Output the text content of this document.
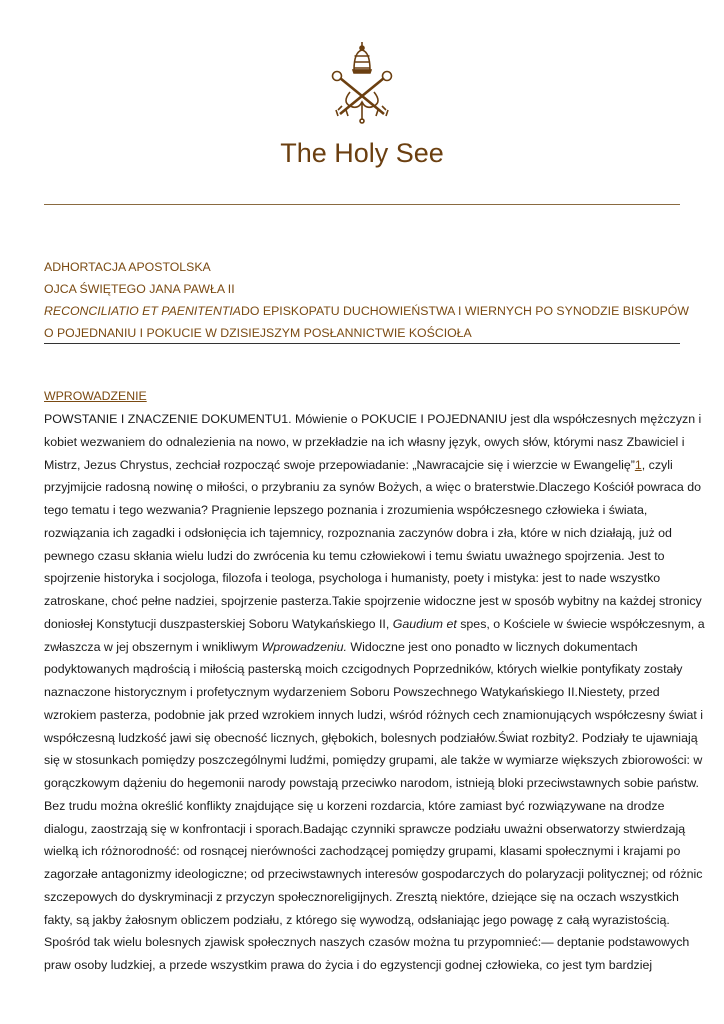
The Holy See
ADHORTACJA APOSTOLSKA
OJCA ŚWIĘTEGO JANA PAWŁA II
RECONCILIATIO ET PAENITENTIADO EPISKOPATU DUCHOWIEŃSTWA I WIERNYCH PO SYNODZIE BISKUPÓW
O POJEDNANIU I POKUCIE W DZISIEJSZYM POSŁANNICTWIE KOŚCIOŁA
WPROWADZENIE
POWSTANIE I ZNACZENIE DOKUMENTU1. Mówienie o POKUCIE I POJEDNANIU jest dla współczesnych mężczyzn i
kobiet wezwaniem do odnalezienia na nowo, w przekładzie na ich własny język, owych słów, którymi nasz Zbawiciel i
Mistrz, Jezus Chrystus, zechciał rozpocząć swoje przepowiadanie: „Nawracajcie się i wierzcie w Ewangelię”1, czyli
przyjmijcie radosną nowinę o miłości, o przybraniu za synów Bożych, a więc o braterstwie.Dlaczego Kościół powraca do
tego tematu i tego wezwania? Pragnienie lepszego poznania i zrozumienia współczesnego człowieka i świata,
rozwiązania ich zagadki i odsłonięcia ich tajemnicy, rozpoznania zaczynów dobra i zła, które w nich działają, już od
pewnego czasu skłania wielu ludzi do zwrócenia ku temu człowiekowi i temu światu uważnego spojrzenia. Jest to
spojrzenie historyka i socjologa, filozofa i teologa, psychologa i humanisty, poety i mistyka: jest to nade wszystko
zatroskane, choć pełne nadziei, spojrzenie pasterza.Takie spojrzenie widoczne jest w sposób wybitny na każdej stronicy
doniosłej Konstytucji duszpasterskiej Soboru Watykańskiego II, Gaudium et spes, o Kościele w świecie współczesnym, a
zwłaszcza w jej obszernym i wnikliwym Wprowadzeniu. Widoczne jest ono ponadto w licznych dokumentach
podyktowanych mądrością i miłością pasterską moich czcigodnych Poprzedników, których wielkie pontyfikaty zostały
naznaczone historycznym i profetycznym wydarzeniem Soboru Powszechnego Watykańskiego II.Niestety, przed
wzrokiem pasterza, podobnie jak przed wzrokiem innych ludzi, wśród różnych cech znamionujących współczesny świat i
współczesną ludzkość jawi się obecność licznych, głębokich, bolesnych podziałów.Świat rozbity2. Podziały te ujawniają
się w stosunkach pomiędzy poszczególnymi ludźmi, pomiędzy grupami, ale także w wymiarze większych zbiorowości: w
gorączkowym dążeniu do hegemonii narody powstają przeciwko narodom, istnieją bloki przeciwstawnych sobie państw.
Bez trudu można określić konflikty znajdujące się u korzeni rozdarcia, które zamiast być rozwiązywane na drodze
dialogu, zaostrzają się w konfrontacji i sporach.Badając czynniki sprawcze podziału uważni obserwatorzy stwierdzają
wielką ich różnorodność: od rosnącej nierówności zachodzącej pomiędzy grupami, klasami społecznymi i krajami po
zagorzałe antagonizmy ideologiczne; od przeciwstawnych interesów gospodarczych do polaryzacji politycznej; od różnic
szczepowych do dyskryminacji z przyczyn społecznoreligijnych. Zresztą niektóre, dziejące się na oczach wszystkich
fakty, są jakby żałosnym obliczem podziału, z którego się wywodzą, odsłaniając jego powagę z całą wyrazistością.
Spośród tak wielu bolesnych zjawisk społecznych naszych czasów można tu przypomnieć:— deptanie podstawowych
praw osoby ludzkiej, a przede wszystkim prawa do życia i do egzystencji godnej człowieka, co jest tym bardziej
